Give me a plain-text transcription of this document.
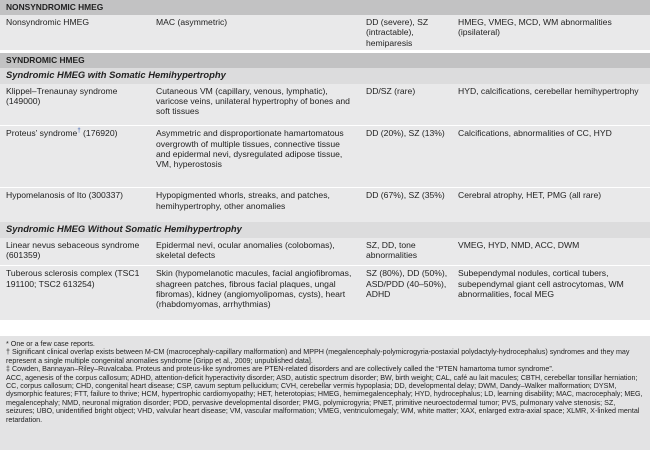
NONSYNDROMIC HMEG			
Nonsyndromic HMEG	MAC (asymmetric)	DD (severe), SZ (intractable), hemiparesis	HMEG, VMEG, MCD, WM abnormalities (ipsilateral)

SYNDROMIC HMEG			
Syndromic HMEG with Somatic Hemihypertrophy			
Klippel–Trenaunay syndrome (149000)	Cutaneous VM (capillary, venous, lymphatic), varicose veins, unilateral hypertrophy of bones and soft tissues	DD/SZ (rare)	HYD, calcifications, cerebellar hemihypertrophy
Proteus’ syndrome† (176920)	Asymmetric and disproportionate hamartomatous overgrowth of multiple tissues, connective tissue and epidermal nevi, dysregulated adipose tissue, VM, hyperostosis	DD (20%), SZ (13%)	Calcifications, abnormalities of CC, HYD
Hypomelanosis of Ito (300337)	Hypopigmented whorls, streaks, and patches, hemihypertrophy, other anomalies	DD (67%), SZ (35%)	Cerebral atrophy, HET, PMG (all rare)
Syndromic HMEG Without Somatic Hemihypertrophy			
Linear nevus sebaceous syndrome (601359)	Epidermal nevi, ocular anomalies (colobomas), skeletal defects	SZ, DD, tone abnormalities	VMEG, HYD, NMD, ACC, DWM
Tuberous sclerosis complex (TSC1 191100; TSC2 613254)	Skin (hypomelanotic macules, facial angiofibromas, shagreen patches, fibrous facial plaques, ungal fibromas), kidney (angiomyolipomas, cysts), heart (rhabdomyomas, arrhythmias)	SZ (80%), DD (50%), ASD/PDD (40–50%), ADHD	Subependymal nodules, cortical tubers, subependymal giant cell astrocytomas, WM abnormalities, focal MEG

* One or a few case reports.

† Significant clinical overlap exists between M-CM (macrocephaly-capillary malformation) and MPPH (megalencephaly-polymicrogyria-postaxial polydactyly-hydrocephalus) syndromes and they may represent a single multiple congenital anomalies syndrome [Gripp et al., 2009; unpublished data].

‡ Cowden, Bannayan–Riley–Ruvalcaba. Proteus and proteus-like syndromes are PTEN-related disorders and are collectively called the “PTEN hamartoma tumor syndrome”.

ACC, agenesis of the corpus callosum; ADHD, attention-deficit hyperactivity disorder; ASD, autistic spectrum disorder; BW, birth weight; CAL, café au lait macules; CBTH, cerebellar tonsillar herniation; CC, corpus callosum; CHD, congenital heart disease; CSP, cavum septum pellucidum; CVH, cerebellar vermis hypoplasia; DD, developmental delay; DWM, Dandy–Walker malformation; DYSM, dysmorphic features; FTT, failure to thrive; HCM, hypertrophic cardiomyopathy; HET, heterotopias; HMEG, hemimegalencephaly; HYD, hydrocephalus; LD, learning disability; MAC, macrocephaly; MEG, megalencephaly; NMD, neuronal migration disorder; PDD, pervasive developmental disorder; PMG, polymicrogyria; PNET, primitive neuroectodermal tumor; PVS, pulmonary valve stenosis; SZ, seizures; UBO, unidentified bright object; VHD, valvular heart disease; VM, vascular malformation; VMEG, ventriculomegaly; WM, white matter; XAX, enlarged extra-axial space; XLMR, X-linked mental retardation.
